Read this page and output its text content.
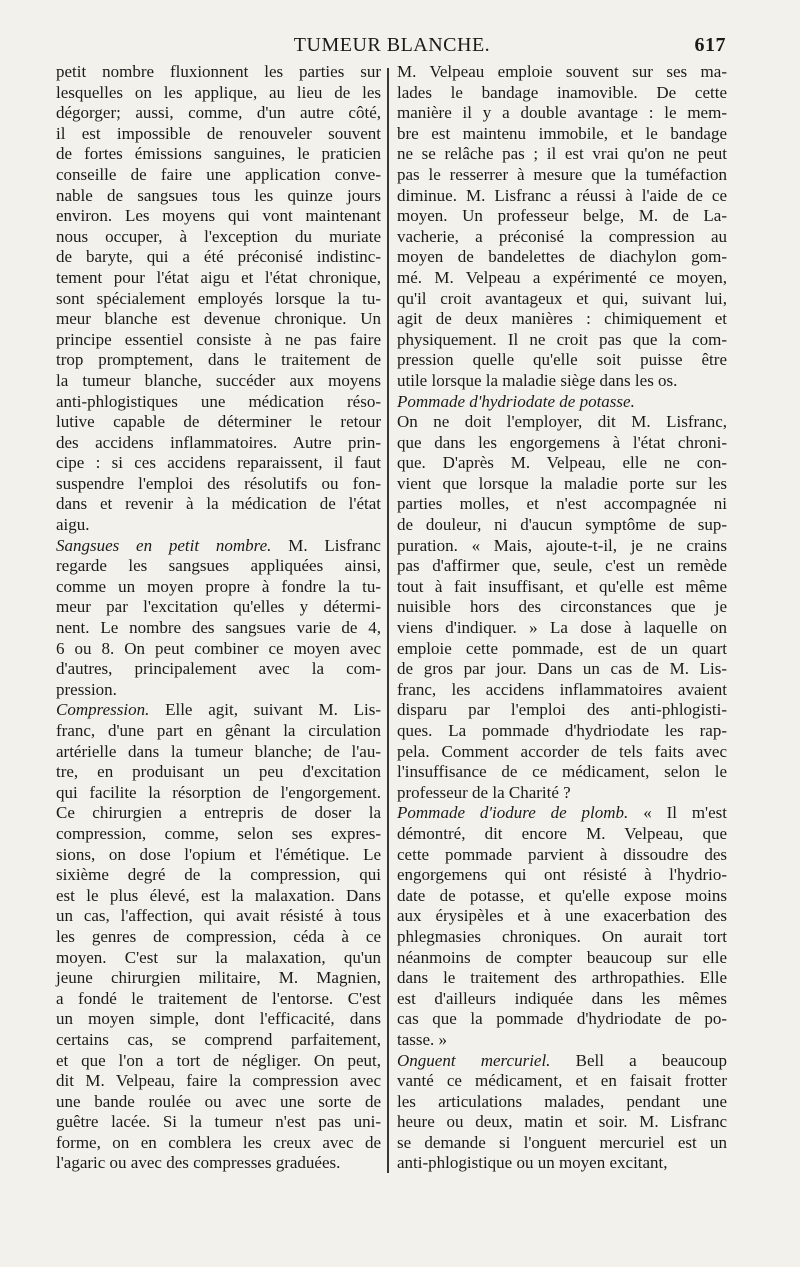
TUMEUR BLANCHE.	617
petit nombre fluxionnent les parties sur
lesquelles on les applique, au lieu de les
dégorger; aussi, comme, d'un autre côté,
il est impossible de renouveler souvent
de fortes émissions sanguines, le praticien
conseille de faire une application conve-
nable de sangsues tous les quinze jours
environ. Les moyens qui vont maintenant
nous occuper, à l'exception du muriate
de baryte, qui a été préconisé indistinc-
tement pour l'état aigu et l'état chronique,
sont spécialement employés lorsque la tu-
meur blanche est devenue chronique. Un
principe essentiel consiste à ne pas faire
trop promptement, dans le traitement de
la tumeur blanche, succéder aux moyens
anti-phlogistiques une médication réso-
lutive capable de déterminer le retour
des accidens inflammatoires. Autre prin-
cipe : si ces accidens reparaissent, il faut
suspendre l'emploi des résolutifs ou fon-
dans et revenir à la médication de l'état
aigu.
Sangsues en petit nombre. M. Lisfranc
regarde les sangsues appliquées ainsi,
comme un moyen propre à fondre la tu-
meur par l'excitation qu'elles y détermi-
nent. Le nombre des sangsues varie de 4,
6 ou 8. On peut combiner ce moyen avec
d'autres, principalement avec la com-
pression.
Compression. Elle agit, suivant M. Lis-
franc, d'une part en gênant la circulation
artérielle dans la tumeur blanche; de l'au-
tre, en produisant un peu d'excitation
qui facilite la résorption de l'engorgement.
Ce chirurgien a entrepris de doser la
compression, comme, selon ses expres-
sions, on dose l'opium et l'émétique. Le
sixième degré de la compression, qui
est le plus élevé, est la malaxation. Dans
un cas, l'affection, qui avait résisté à tous
les genres de compression, céda à ce
moyen. C'est sur la malaxation, qu'un
jeune chirurgien militaire, M. Magnien,
a fondé le traitement de l'entorse. C'est
un moyen simple, dont l'efficacité, dans
certains cas, se comprend parfaitement,
et que l'on a tort de négliger. On peut,
dit M. Velpeau, faire la compression avec
une bande roulée ou avec une sorte de
guêtre lacée. Si la tumeur n'est pas uni-
forme, on en comblera les creux avec de
l'agaric ou avec des compresses graduées.
M. Velpeau emploie souvent sur ses ma-
lades le bandage inamovible. De cette
manière il y a double avantage : le mem-
bre est maintenu immobile, et le bandage
ne se relâche pas ; il est vrai qu'on ne peut
pas le resserrer à mesure que la tuméfaction
diminue. M. Lisfranc a réussi à l'aide de ce
moyen. Un professeur belge, M. de La-
vacherie, a préconisé la compression au
moyen de bandelettes de diachylon gom-
mé. M. Velpeau a expérimenté ce moyen,
qu'il croit avantageux et qui, suivant lui,
agit de deux manières : chimiquement et
physiquement. Il ne croit pas que la com-
pression quelle qu'elle soit puisse être
utile lorsque la maladie siège dans les os.
Pommade d'hydriodate de potasse.
On ne doit l'employer, dit M. Lisfranc,
que dans les engorgemens à l'état chroni-
que. D'après M. Velpeau, elle ne con-
vient que lorsque la maladie porte sur les
parties molles, et n'est accompagnée ni
de douleur, ni d'aucun symptôme de sup-
puration. « Mais, ajoute-t-il, je ne crains
pas d'affirmer que, seule, c'est un remède
tout à fait insuffisant, et qu'elle est même
nuisible hors des circonstances que je
viens d'indiquer. » La dose à laquelle on
emploie cette pommade, est de un quart
de gros par jour. Dans un cas de M. Lis-
franc, les accidens inflammatoires avaient
disparu par l'emploi des anti-phlogisti-
ques. La pommade d'hydriodate les rap-
pela. Comment accorder de tels faits avec
l'insuffisance de ce médicament, selon le
professeur de la Charité ?
Pommade d'iodure de plomb. « Il m'est
démontré, dit encore M. Velpeau, que
cette pommade parvient à dissoudre des
engorgemens qui ont résisté à l'hydrio-
date de potasse, et qu'elle expose moins
aux érysipèles et à une exacerbation des
phlegmasies chroniques. On aurait tort
néanmoins de compter beaucoup sur elle
dans le traitement des arthropathies. Elle
est d'ailleurs indiquée dans les mêmes
cas que la pommade d'hydriodate de po-
tasse. »
Onguent mercuriel. Bell a beaucoup
vanté ce médicament, et en faisait frotter
les articulations malades, pendant une
heure ou deux, matin et soir. M. Lisfranc
se demande si l'onguent mercuriel est un
anti-phlogistique ou un moyen excitant,
